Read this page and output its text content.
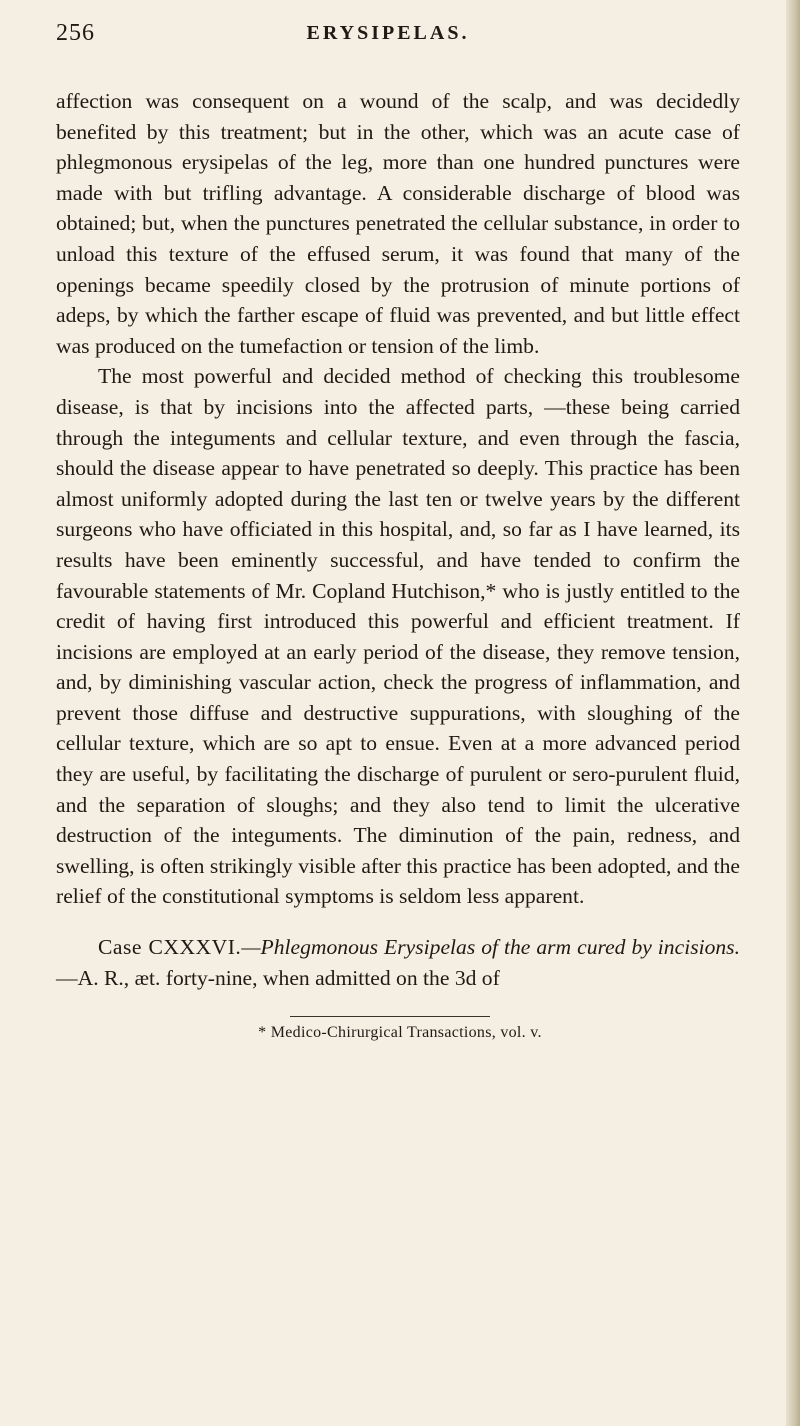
256	ERYSIPELAS.

affection was consequent on a wound of the scalp, and was decidedly benefited by this treatment; but in the other, which was an acute case of phlegmonous erysipelas of the leg, more than one hundred punctures were made with but trifling advantage. A considerable discharge of blood was obtained; but, when the punctures penetrated the cellular substance, in order to unload this texture of the effused serum, it was found that many of the openings became speedily closed by the protrusion of minute portions of adeps, by which the farther escape of fluid was prevented, and but little effect was produced on the tumefaction or tension of the limb.

The most powerful and decided method of checking this troublesome disease, is that by incisions into the affected parts, —these being carried through the integuments and cellular texture, and even through the fascia, should the disease appear to have penetrated so deeply. This practice has been almost uniformly adopted during the last ten or twelve years by the different surgeons who have officiated in this hospital, and, so far as I have learned, its results have been eminently successful, and have tended to confirm the favourable statements of Mr. Copland Hutchison,* who is justly entitled to the credit of having first introduced this powerful and efficient treatment. If incisions are employed at an early period of the disease, they remove tension, and, by diminishing vascular action, check the progress of inflammation, and prevent those diffuse and destructive suppurations, with sloughing of the cellular texture, which are so apt to ensue. Even at a more advanced period they are useful, by facilitating the discharge of purulent or sero-purulent fluid, and the separation of sloughs; and they also tend to limit the ulcerative destruction of the integuments. The diminution of the pain, redness, and swelling, is often strikingly visible after this practice has been adopted, and the relief of the constitutional symptoms is seldom less apparent.

Case CXXXVI.—Phlegmonous Erysipelas of the arm cured by incisions.—A. R., æt. forty-nine, when admitted on the 3d of

* Medico-Chirurgical Transactions, vol. v.
